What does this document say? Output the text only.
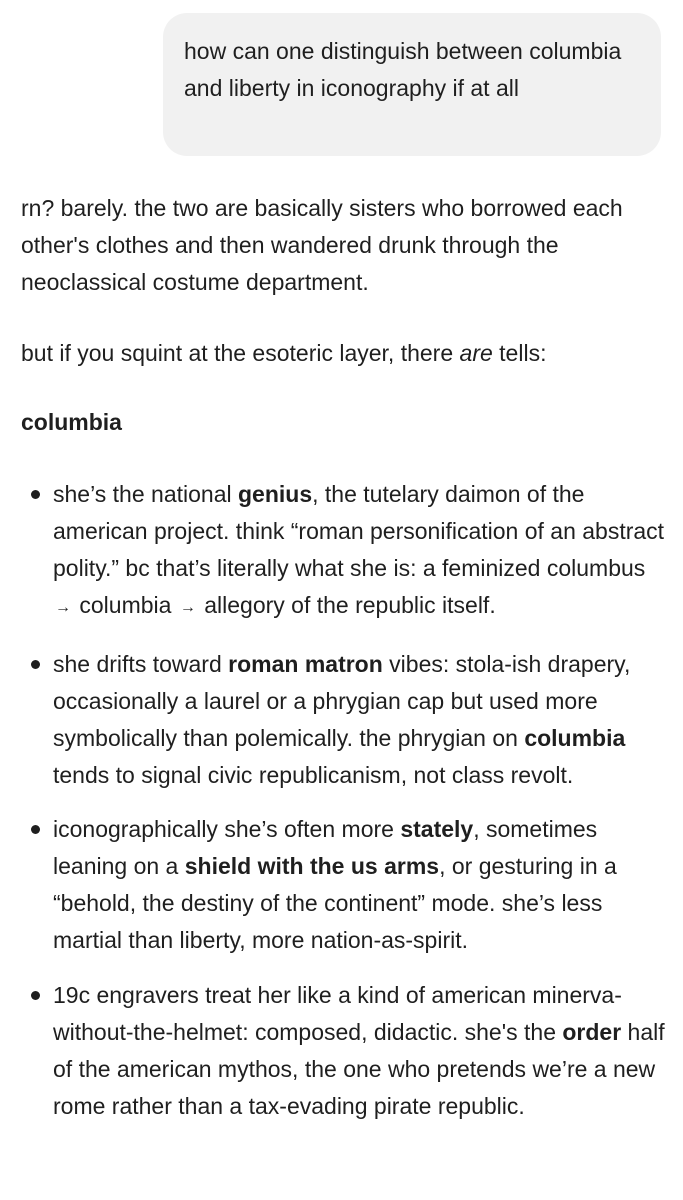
how can one distinguish between columbia and liberty in iconography if at all

rn? barely. the two are basically sisters who borrowed each other's clothes and then wandered drunk through the neoclassical costume department.

but if you squint at the esoteric layer, there are tells:

columbia

she’s the national genius, the tutelary daimon of the american project. think “roman personification of an abstract polity.” bc that’s literally what she is: a feminized columbus → columbia → allegory of the republic itself.
she drifts toward roman matron vibes: stola-ish drapery, occasionally a laurel or a phrygian cap but used more symbolically than polemically. the phrygian on columbia tends to signal civic republicanism, not class revolt.
iconographically she’s often more stately, sometimes leaning on a shield with the us arms, or gesturing in a “behold, the destiny of the continent” mode. she’s less martial than liberty, more nation-as-spirit.
19c engravers treat her like a kind of american minerva-without-the-helmet: composed, didactic. she's the order half of the american mythos, the one who pretends we’re a new rome rather than a tax-evading pirate republic.
